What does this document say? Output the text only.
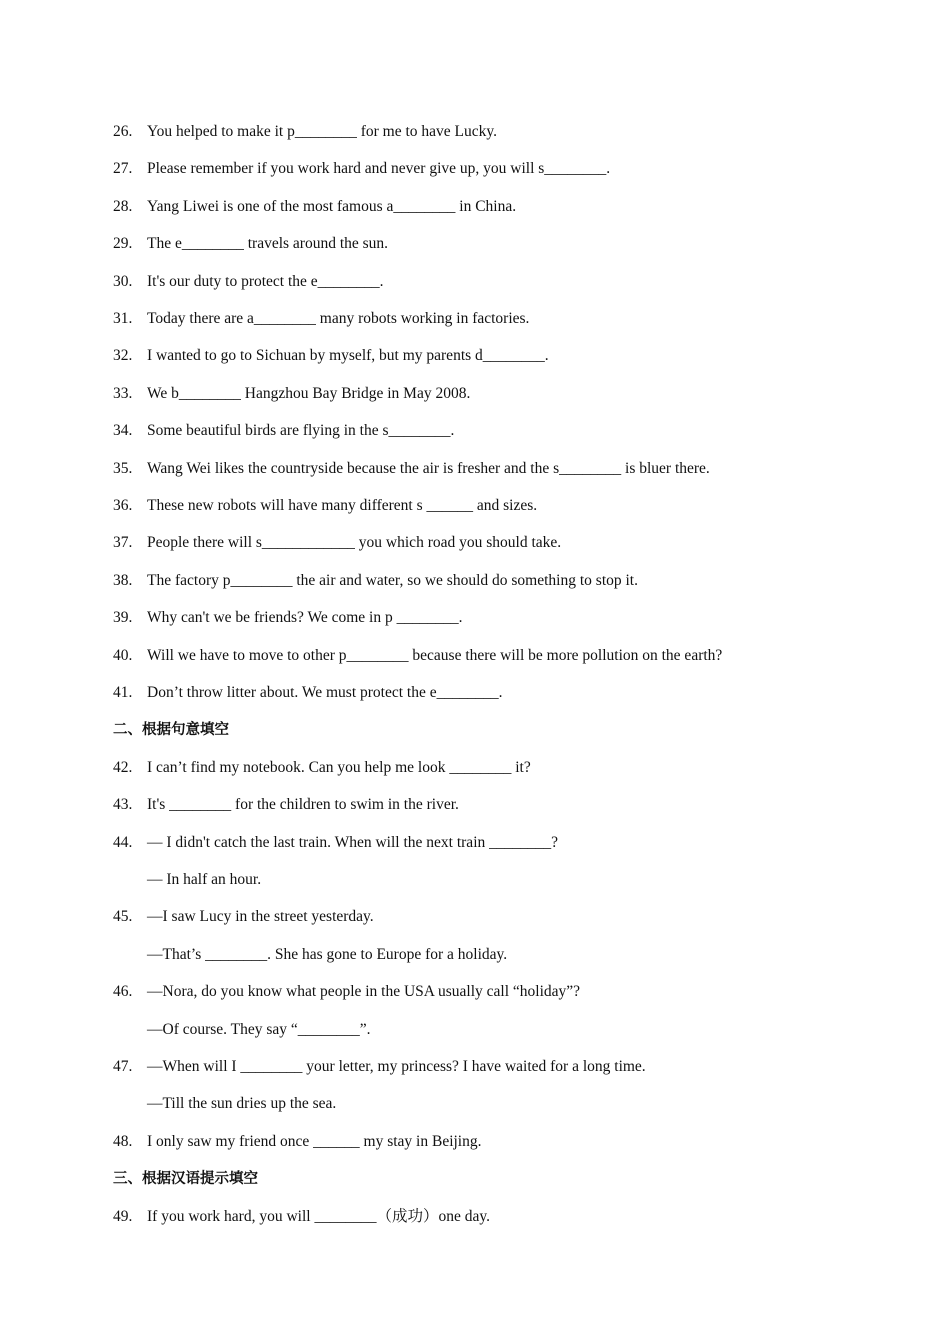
26. You helped to make it p________ for me to have Lucky.
27. Please remember if you work hard and never give up, you will s________.
28. Yang Liwei is one of the most famous a________ in China.
29. The e________ travels around the sun.
30. It's our duty to protect the e________.
31. Today there are a________ many robots working in factories.
32. I wanted to go to Sichuan by myself, but my parents d________.
33. We b________ Hangzhou Bay Bridge in May 2008.
34. Some beautiful birds are flying in the s________.
35. Wang Wei likes the countryside because the air is fresher and the s________ is bluer there.
36. These new robots will have many different s ______ and sizes.
37. People there will s____________ you which road you should take.
38. The factory p________ the air and water, so we should do something to stop it.
39. Why can't we be friends? We come in p ________.
40. Will we have to move to other p________ because there will be more pollution on the earth?
41. Don’t throw litter about. We must protect the e________.
二、根据句意填空
42. I can’t find my notebook. Can you help me look ________ it?
43. It's ________ for the children to swim in the river.
44. — I didn't catch the last train. When will the next train ________?
— In half an hour.
45. —I saw Lucy in the street yesterday.
—That’s ________. She has gone to Europe for a holiday.
46. —Nora, do you know what people in the USA usually call “holiday”?
—Of course. They say “________”.
47. —When will I ________ your letter, my princess? I have waited for a long time.
—Till the sun dries up the sea.
48. I only saw my friend once ______ my stay in Beijing.
三、根据汉语提示填空
49. If you work hard, you will ________（成功）one day.
